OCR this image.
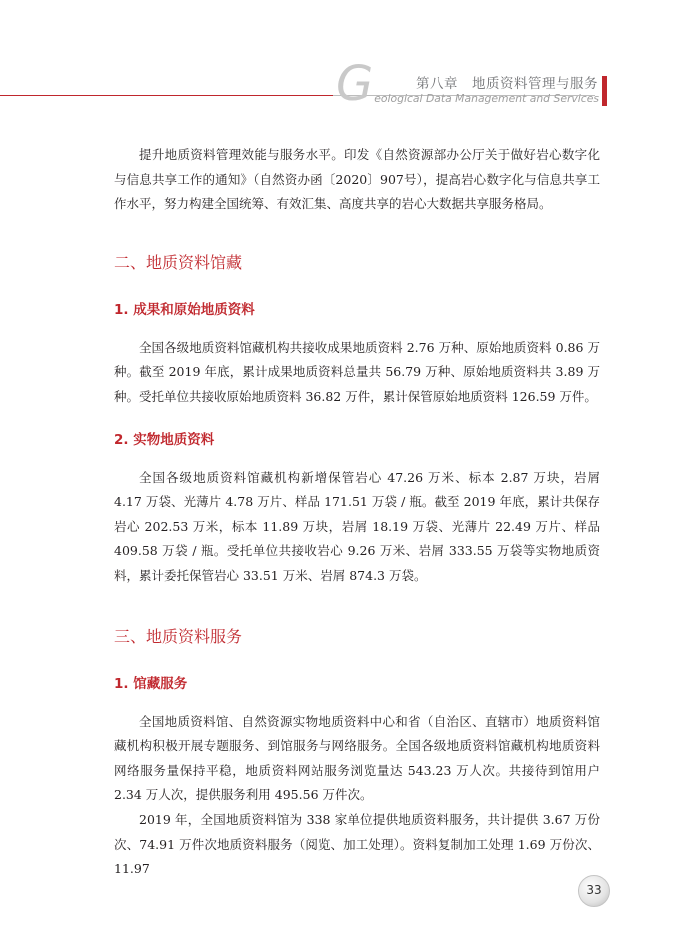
G	第八章　地质资料管理与服务
eological Data Management and Services

提升地质资料管理效能与服务水平。印发《自然资源部办公厅关于做好岩心数字化与信息共享工作的通知》（自然资办函〔2020〕907号），提高岩心数字化与信息共享工作水平，努力构建全国统筹、有效汇集、高度共享的岩心大数据共享服务格局。

二、地质资料馆藏
1. 成果和原始地质资料

全国各级地质资料馆藏机构共接收成果地质资料 2.76 万种、原始地质资料 0.86 万种。截至 2019 年底，累计成果地质资料总量共 56.79 万种、原始地质资料共 3.89 万种。受托单位共接收原始地质资料 36.82 万件，累计保管原始地质资料 126.59 万件。

2. 实物地质资料

全国各级地质资料馆藏机构新增保管岩心 47.26 万米、标本 2.87 万块，岩屑 4.17 万袋、光薄片 4.78 万片、样品 171.51 万袋 / 瓶。截至 2019 年底，累计共保存岩心 202.53 万米，标本 11.89 万块，岩屑 18.19 万袋、光薄片 22.49 万片、样品 409.58 万袋 / 瓶。受托单位共接收岩心 9.26 万米、岩屑 333.55 万袋等实物地质资料，累计委托保管岩心 33.51 万米、岩屑 874.3 万袋。

三、地质资料服务
1. 馆藏服务

全国地质资料馆、自然资源实物地质资料中心和省（自治区、直辖市）地质资料馆藏机构积极开展专题服务、到馆服务与网络服务。全国各级地质资料馆藏机构地质资料网络服务量保持平稳，地质资料网站服务浏览量达 543.23 万人次。共接待到馆用户 2.34 万人次，提供服务利用 495.56 万件次。

2019 年，全国地质资料馆为 338 家单位提供地质资料服务，共计提供 3.67 万份次、74.91 万件次地质资料服务（阅览、加工处理）。资料复制加工处理 1.69 万份次、11.97

33
